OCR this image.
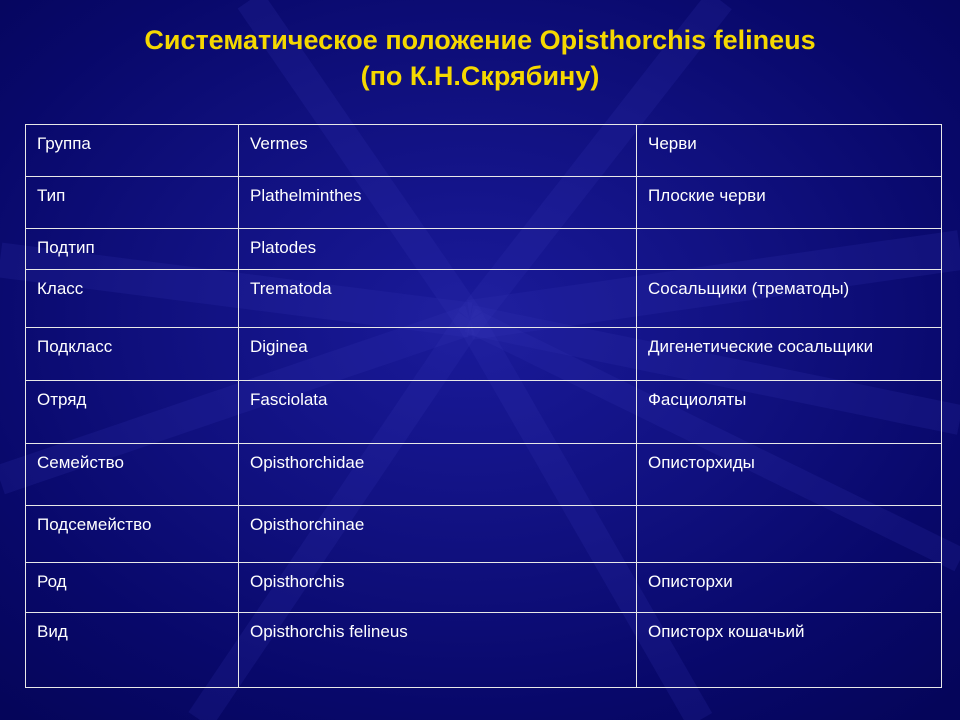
Систематическое положение Opisthorchis felineus
(по К.Н.Скрябину)
Группа	Vermes	Черви
Тип	Plathelminthes	Плоские черви
Подтип	Platodes	
Класс	Trematoda	Сосальщики (трематоды)
Подкласс	Diginea	Дигенетические сосальщики
Отряд	Fasciolata	Фасциоляты
Семейство	Opisthorchidae	Описторхиды
Подсемейство	Opisthorchinae	
Род	Opisthorchis	Описторхи
Вид	Opisthorchis felineus	Описторх кошачьий
